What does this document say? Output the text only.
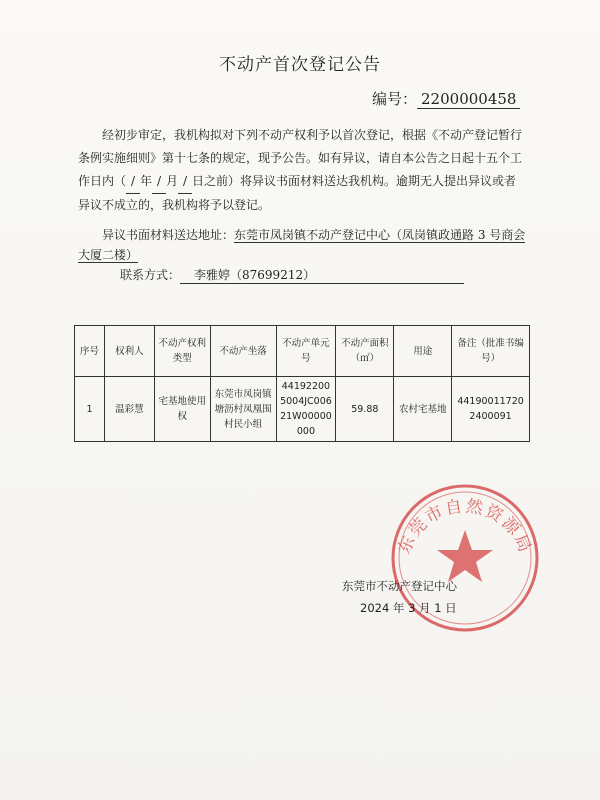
不动产首次登记公告
编号： 2200000458
经初步审定，我机构拟对下列不动产权利予以首次登记，根据《不动产登记暂行条例实施细则》第十七条的规定，现予公告。如有异议，请自本公告之日起十五个工作日内（ / 年 / 月 / 日之前）将异议书面材料送达我机构。逾期无人提出异议或者异议不成立的，我机构将予以登记。
异议书面材料送达地址：东莞市凤岗镇不动产登记中心（凤岗镇政通路 3 号商会大厦二楼）
联系方式： 李雅婷（87699212）
序号	权利人	不动产权利类型	不动产坐落	不动产单元号	不动产面积（㎡）	用途	备注（批准书编号）
1	温彩慧	宅基地使用权	东莞市凤岗镇塘沥村凤凰围村民小组	441922005004JC00621W00000000	59.88	农村宅基地	441900117202400091
东莞市自然资源局
东莞市不动产登记中心
2024 年 3 月 1 日
